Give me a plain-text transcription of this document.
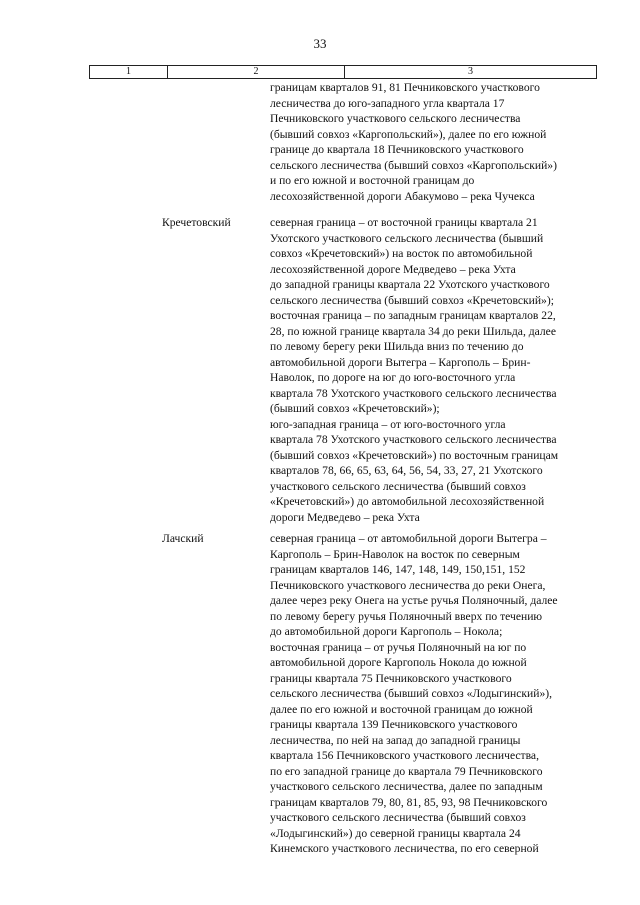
33
1	2	3

границам кварталов 91, 81 Печниковского участкового

лесничества до юго-западного угла квартала 17

Печниковского участкового сельского лесничества

(бывший совхоз «Каргопольский»), далее по его южной

границе до квартала 18 Печниковского участкового

сельского лесничества (бывший совхоз «Каргопольский»)

и по его южной и восточной границам до

лесохозяйственной дороги Абакумово – река Чучекса

Кречетовский	северная граница – от восточной границы квартала 21

Ухотского участкового сельского лесничества (бывший

совхоз «Кречетовский») на восток по автомобильной

лесохозяйственной дороге Медведево – река Ухта

до западной границы квартала 22 Ухотского участкового

сельского лесничества (бывший совхоз «Кречетовский»);

восточная граница – по западным границам кварталов 22,

28, по южной границе квартала 34 до реки Шильда, далее

по левому берегу реки Шильда вниз по течению до

автомобильной дороги Вытегра – Каргополь – Брин-

Наволок, по дороге на юг до юго-восточного угла

квартала 78 Ухотского участкового сельского лесничества

(бывший совхоз «Кречетовский»);

юго-западная граница – от юго-восточного угла

квартала 78 Ухотского участкового сельского лесничества

(бывший совхоз «Кречетовский») по восточным границам

кварталов 78, 66, 65, 63, 64, 56, 54, 33, 27, 21 Ухотского

участкового сельского лесничества (бывший совхоз

«Кречетовский») до автомобильной лесохозяйственной

дороги Медведево – река Ухта

Лачский	северная граница – от автомобильной дороги Вытегра –

Каргополь – Брин-Наволок на восток по северным

границам кварталов 146, 147, 148, 149, 150,151, 152

Печниковского участкового лесничества до реки Онега,

далее через реку Онега на устье ручья Поляночный, далее

по левому берегу ручья Поляночный вверх по течению

до автомобильной дороги Каргополь – Нокола;

восточная граница – от ручья Поляночный на юг по

автомобильной дороге Каргополь Нокола до южной

границы квартала 75 Печниковского участкового

сельского лесничества (бывший совхоз «Лодыгинский»),

далее по его южной и восточной границам до южной

границы квартала 139 Печниковского участкового

лесничества, по ней на запад до западной границы

квартала 156 Печниковского участкового лесничества,

по его западной границе до квартала 79 Печниковского

участкового сельского лесничества, далее по западным

границам кварталов 79, 80, 81, 85, 93, 98 Печниковского

участкового сельского лесничества (бывший совхоз

«Лодыгинский») до северной границы квартала 24

Кинемского участкового лесничества, по его северной
